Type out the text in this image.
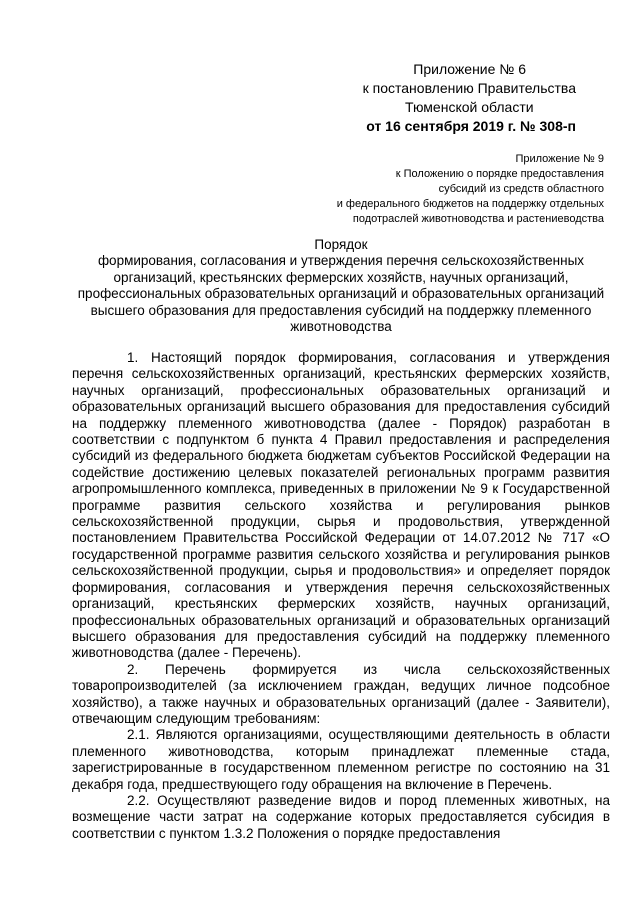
Приложение № 6
к постановлению Правительства
Тюменской области
от 16 сентября 2019 г. № 308-п
Приложение № 9
к Положению о порядке предоставления
субсидий из средств областного
и федерального бюджетов на поддержку отдельных
подотраслей животноводства и растениеводства
Порядок
формирования, согласования и утверждения перечня сельскохозяйственных организаций, крестьянских фермерских хозяйств, научных организаций, профессиональных образовательных организаций и образовательных организаций высшего образования для предоставления субсидий на поддержку племенного животноводства

1. Настоящий порядок формирования, согласования и утверждения перечня сельскохозяйственных организаций, крестьянских фермерских хозяйств, научных организаций, профессиональных образовательных организаций и образовательных организаций высшего образования для предоставления субсидий на поддержку племенного животноводства (далее - Порядок) разработан в соответствии с подпунктом б пункта 4 Правил предоставления и распределения субсидий из федерального бюджета бюджетам субъектов Российской Федерации на содействие достижению целевых показателей региональных программ развития агропромышленного комплекса, приведенных в приложении № 9 к Государственной программе развития сельского хозяйства и регулирования рынков сельскохозяйственной продукции, сырья и продовольствия, утвержденной постановлением Правительства Российской Федерации от 14.07.2012 № 717 «О государственной программе развития сельского хозяйства и регулирования рынков сельскохозяйственной продукции, сырья и продовольствия» и определяет порядок формирования, согласования и утверждения перечня сельскохозяйственных организаций, крестьянских фермерских хозяйств, научных организаций, профессиональных образовательных организаций и образовательных организаций высшего образования для предоставления субсидий на поддержку племенного животноводства (далее - Перечень).

2. Перечень формируется из числа сельскохозяйственных товаропроизводителей (за исключением граждан, ведущих личное подсобное хозяйство), а также научных и образовательных организаций (далее - Заявители), отвечающим следующим требованиям:

2.1. Являются организациями, осуществляющими деятельность в области племенного животноводства, которым принадлежат племенные стада, зарегистрированные в государственном племенном регистре по состоянию на 31 декабря года, предшествующего году обращения на включение в Перечень.

2.2. Осуществляют разведение видов и пород племенных животных, на возмещение части затрат на содержание которых предоставляется субсидия в соответствии с пунктом 1.3.2 Положения о порядке предоставления
